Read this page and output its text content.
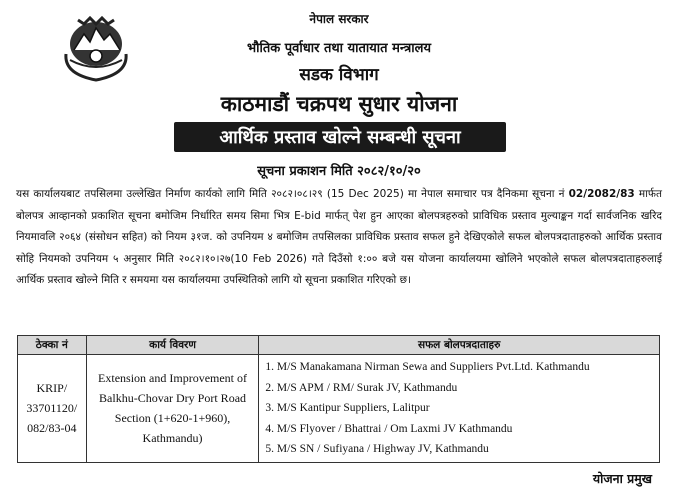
नेपाल सरकार
भौतिक पूर्वाधार तथा यातायात मन्त्रालय
सडक विभाग
काठमाडौं चक्रपथ सुधार योजना
आर्थिक प्रस्ताव खोल्ने सम्बन्धी सूचना
सूचना प्रकाशन मिति २०८२/१०/२०
यस कार्यालयबाट तपसिलमा उल्लेखित निर्माण कार्यको लागि मिति २०८२।०८।२९ (15 Dec 2025) मा नेपाल समाचार पत्र दैनिकमा सूचना नं 02/2082/83 मार्फत बोलपत्र आव्हानको प्रकाशित सूचना बमोजिम निर्धारित समय सिमा भित्र E-bid मार्फत् पेश हुन आएका बोलपत्रहरुको प्राविधिक प्रस्ताव मुल्याङ्कन गर्दा सार्वजनिक खरिद नियमावलि २०६४ (संसोधन सहित) को नियम ३१ज. को उपनियम ४ बमोजिम तपसिलका प्राविधिक प्रस्ताव सफल हुने देखिएकोले सफल बोलपत्रदाताहरुको आर्थिक प्रस्ताव सोहि नियमको उपनियम ५ अनुसार मिति २०८२।१०।२७(10 Feb 2026) गते दिउँसो १:०० बजे यस योजना कार्यालयमा खोलिने भएकोले सफल बोलपत्रदाताहरुलाई आर्थिक प्रस्ताव खोल्ने मिति र समयमा यस कार्यालयमा उपस्थितिको लागि यो सूचना प्रकाशित गरिएको छ।
ठेक्का नं	कार्य विवरण	सफल बोलपत्रदाताहरु
KRIP/ 33701120/ 082/83-04	Extension and Improvement of Balkhu-Chovar Dry Port Road Section (1+620-1+960), Kathmandu)	1. M/S Manakamana Nirman Sewa and Suppliers Pvt.Ltd. Kathmandu
2. M/S APM / RM/ Surak JV, Kathmandu
3. M/S Kantipur Suppliers, Lalitpur
4. M/S Flyover / Bhattrai / Om Laxmi JV Kathmandu
5. M/S SN / Sufiyana / Highway JV, Kathmandu
योजना प्रमुख
